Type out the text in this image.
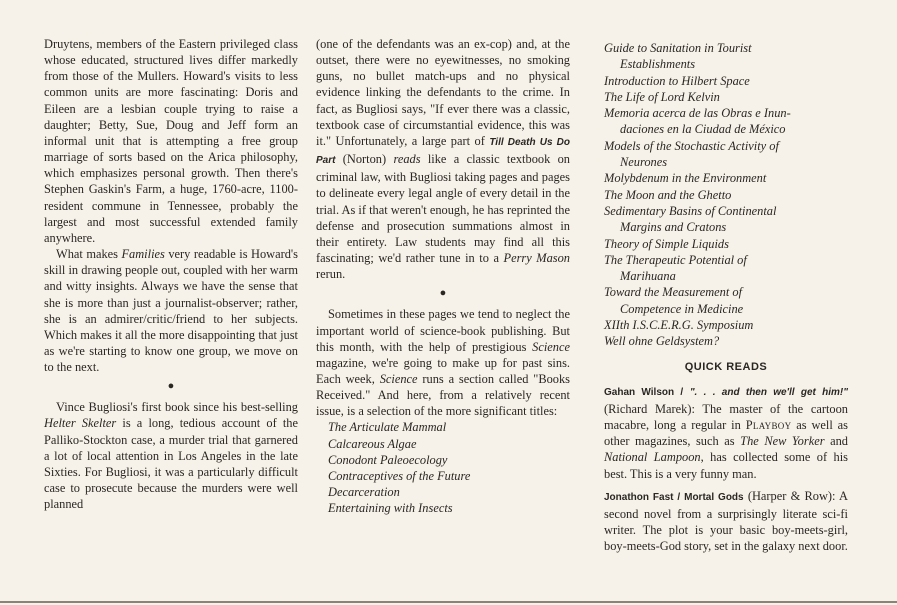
Druytens, members of the Eastern privileged class whose educated, structured lives differ markedly from those of the Mullers. Howard's visits to less common units are more fascinating: Doris and Eileen are a lesbian couple trying to raise a daughter; Betty, Sue, Doug and Jeff form an informal unit that is attempting a free group marriage of sorts based on the Arica philosophy, which emphasizes personal growth. Then there's Stephen Gaskin's Farm, a huge, 1760-acre, 1100-resident commune in Tennessee, probably the largest and most successful extended family anywhere.

What makes Families very readable is Howard's skill in drawing people out, coupled with her warm and witty insights. Always we have the sense that she is more than just a journalist-observer; rather, she is an admirer/critic/friend to her subjects. Which makes it all the more disappointing that just as we're starting to know one group, we move on to the next.

●

Vince Bugliosi's first book since his best-selling Helter Skelter is a long, tedious account of the Palliko-Stockton case, a murder trial that garnered a lot of local attention in Los Angeles in the late Sixties. For Bugliosi, it was a particularly difficult case to prosecute because the murders were well planned

(one of the defendants was an ex-cop) and, at the outset, there were no eyewitnesses, no smoking guns, no bullet match-ups and no physical evidence linking the defendants to the crime. In fact, as Bugliosi says, "If ever there was a classic, textbook case of circumstantial evidence, this was it." Unfortunately, a large part of Till Death Us Do Part (Norton) reads like a classic textbook on criminal law, with Bugliosi taking pages and pages to delineate every legal angle of every detail in the trial. As if that weren't enough, he has reprinted the defense and prosecution summations almost in their entirety. Law students may find all this fascinating; we'd rather tune in to a Perry Mason rerun.

●

Sometimes in these pages we tend to neglect the important world of science-book publishing. But this month, with the help of prestigious Science magazine, we're going to make up for past sins. Each week, Science runs a section called "Books Received." And here, from a relatively recent issue, is a selection of the more significant titles:

The Articulate Mammal
Calcareous Algae
Conodont Paleoecology
Contraceptives of the Future
Decarceration
Entertaining with Insects
Guide to Sanitation in Tourist
Establishments
Introduction to Hilbert Space
The Life of Lord Kelvin
Memoria acerca de las Obras e Inun-
daciones en la Ciudad de México
Models of the Stochastic Activity of
Neurones
Molybdenum in the Environment
The Moon and the Ghetto
Sedimentary Basins of Continental
Margins and Cratons
Theory of Simple Liquids
The Therapeutic Potential of
Marihuana
Toward the Measurement of
Competence in Medicine
XIIth I.S.C.E.R.G. Symposium
Well ohne Geldsystem?
QUICK READS

Gahan Wilson / ". . . and then we'll get him!" (Richard Marek): The master of the cartoon macabre, long a regular in Playboy as well as other magazines, such as The New Yorker and National Lampoon, has collected some of his best. This is a very funny man.

Jonathon Fast / Mortal Gods (Harper & Row): A second novel from a surprisingly literate sci-fi writer. The plot is your basic boy-meets-girl, boy-meets-God story, set in the galaxy next door.
